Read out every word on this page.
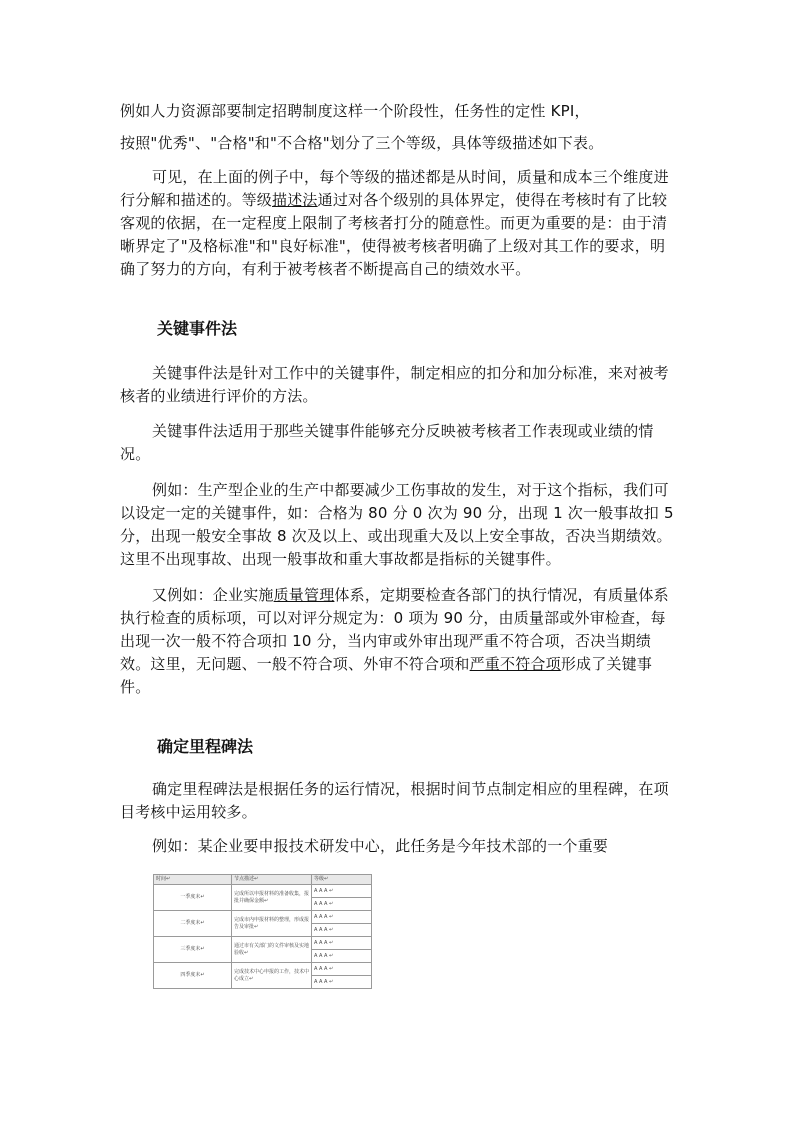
例如人力资源部要制定招聘制度这样一个阶段性，任务性的定性 KPI，

按照"优秀"、"合格"和"不合格"划分了三个等级，具体等级描述如下表。

可见，在上面的例子中，每个等级的描述都是从时间，质量和成本三个维度进行分解和描述的。等级描述法通过对各个级别的具体界定，使得在考核时有了比较客观的依据，在一定程度上限制了考核者打分的随意性。而更为重要的是：由于清晰界定了"及格标准"和"良好标准"，使得被考核者明确了上级对其工作的要求，明确了努力的方向，有利于被考核者不断提高自己的绩效水平。

关键事件法

关键事件法是针对工作中的关键事件，制定相应的扣分和加分标准，来对被考核者的业绩进行评价的方法。

关键事件法适用于那些关键事件能够充分反映被考核者工作表现或业绩的情况。

例如：生产型企业的生产中都要减少工伤事故的发生，对于这个指标，我们可以设定一定的关键事件，如：合格为 80 分 0 次为 90 分，出现 1 次一般事故扣 5 分，出现一般安全事故 8 次及以上、或出现重大及以上安全事故，否决当期绩效。这里不出现事故、出现一般事故和重大事故都是指标的关键事件。

又例如：企业实施质量管理体系，定期要检查各部门的执行情况，有质量体系执行检查的质标项，可以对评分规定为：0 项为 90 分，由质量部或外审检查，每出现一次一般不符合项扣 10 分，当内审或外审出现严重不符合项，否决当期绩效。这里，无问题、一般不符合项、外审不符合项和严重不符合项形成了关键事件。

确定里程碑法

确定里程碑法是根据任务的运行情况，根据时间节点制定相应的里程碑，在项目考核中运用较多。

例如：某企业要申报技术研发中心，此任务是今年技术部的一个重要

时间↵	节点描述↵	等级↵
一季度末↵	完成所以申报材料的准备收集，报批并确保金额↵	A A A ↵
		A A A ↵
二季度末↵	完成市内申报材料的整理，形成报告及审批↵	A A A ↵
		A A A ↵
三季度末↵	通过市有关部门的文件审核及实地验收↵	A A A ↵
		A A A ↵
四季度末↵	完成技术中心申报的工作，技术中心成立↵	A A A ↵
		A A A ↵
